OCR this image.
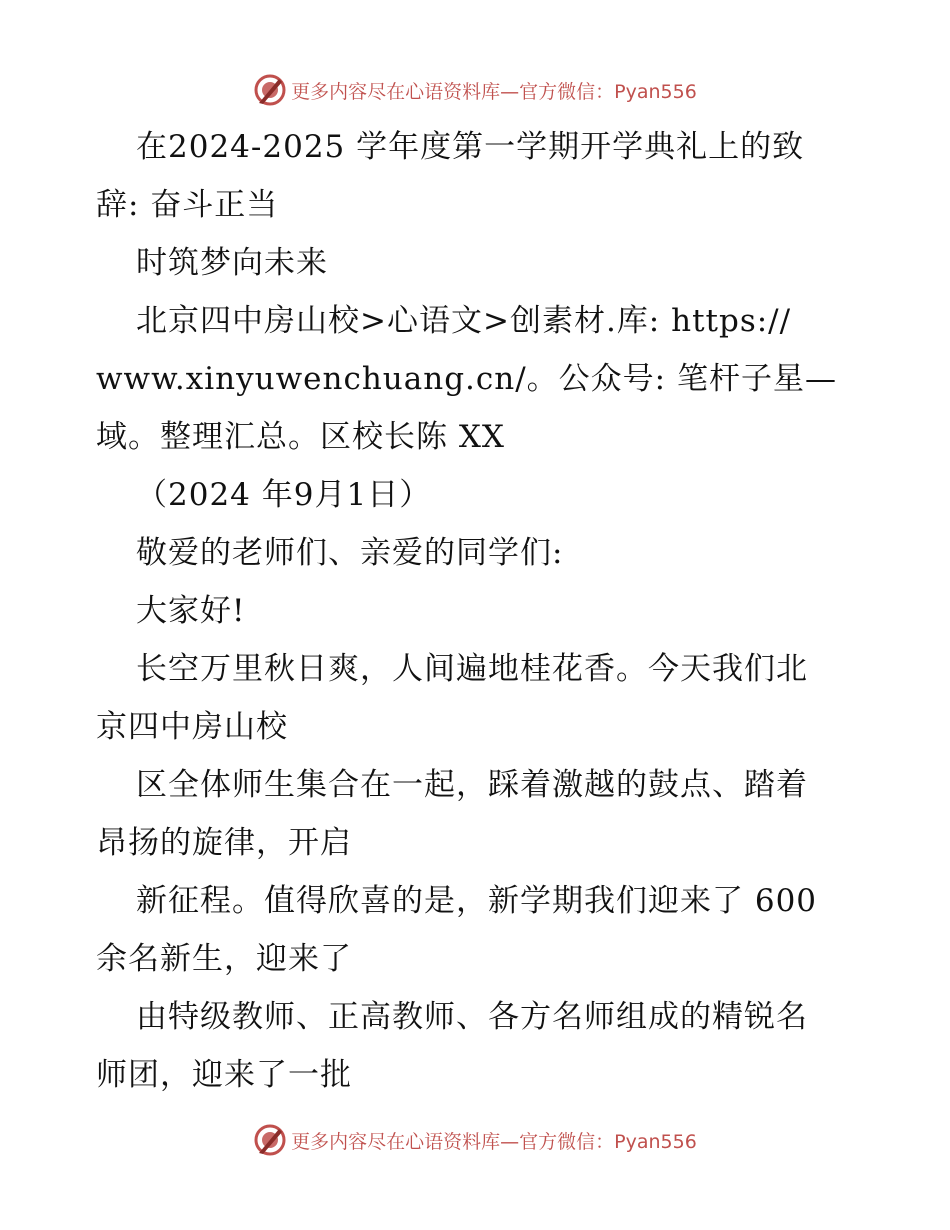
更多内容尽在心语资料库—官方微信：Pyan556
在2024-2025 学年度第一学期开学典礼上的致
辞: 奋斗正当
时筑梦向未来
北京四中房山校>心语文>创素材.库: https://
www.xinyuwenchuang.cn/。公众号: 笔杆子星—
域。整理汇总。区校长陈 XX
（2024 年9月1日）
敬爱的老师们、亲爱的同学们:
大家好!
长空万里秋日爽，人间遍地桂花香。今天我们北
京四中房山校
区全体师生集合在一起，踩着激越的鼓点、踏着
昂扬的旋律，开启
新征程。值得欣喜的是，新学期我们迎来了 600
余名新生，迎来了
由特级教师、正高教师、各方名师组成的精锐名
师团，迎来了一批
更多内容尽在心语资料库—官方微信：Pyan556
